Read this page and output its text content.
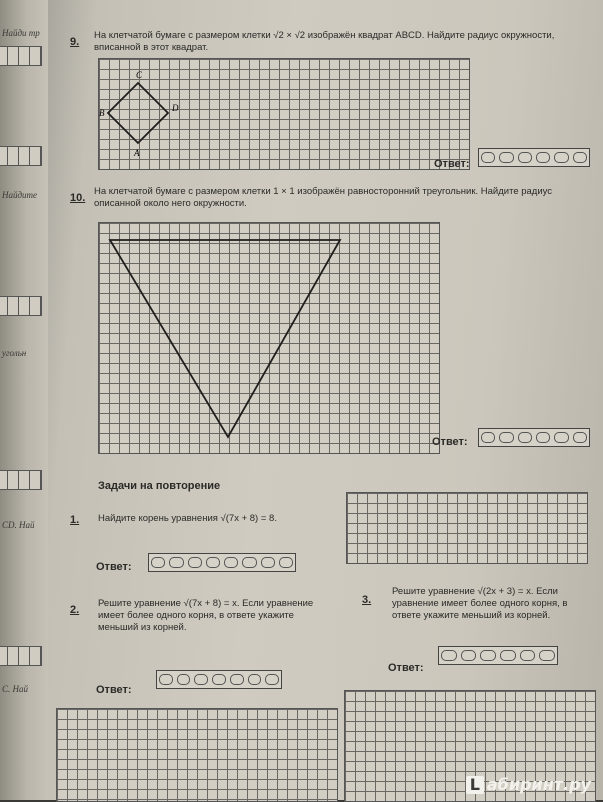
Найди тр
Найдите
угольн
CD. Най
C. Най
9.
На клетчатой бумаге с размером клетки √2 × √2 изображён квадрат ABCD. Найдите радиус окружности, вписанной в этот квадрат.
C
D
B
A
Ответ:
10.
На клетчатой бумаге с размером клетки 1 × 1 изображён равносторонний треугольник. Найдите радиус описанной около него окружности.
Ответ:
Задачи на повторение
1. Найдите корень уравнения √(7x + 8) = 8.
Ответ:
2.
Решите уравнение √(7x + 8) = x. Если уравнение имеет более одного корня, в ответе укажите меньший из корней.
Ответ:
3.
Решите уравнение √(2x + 3) = x. Если уравнение имеет более одного корня, в ответе укажите меньший из корней.
Ответ:
L абиринт.ру
